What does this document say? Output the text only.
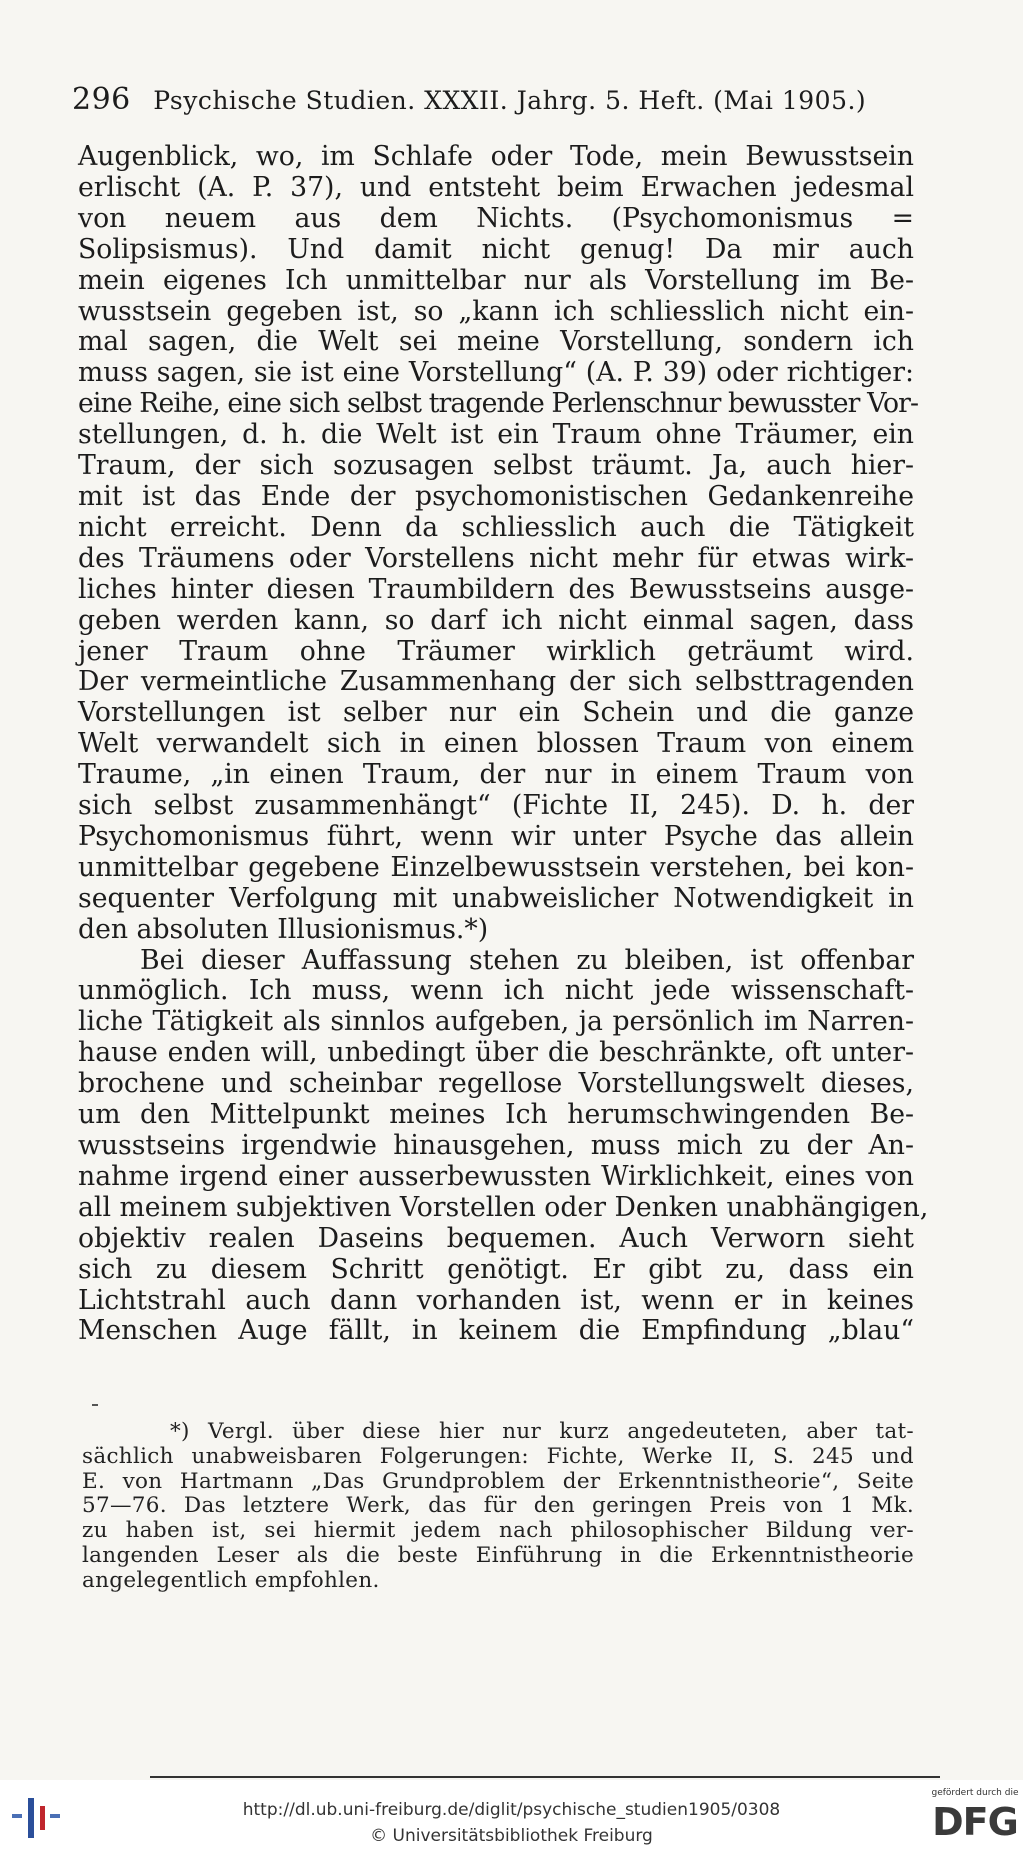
296 Psychische Studien. XXXII. Jahrg. 5. Heft. (Mai 1905.)

Augenblick, wo, im Schlafe oder Tode, mein Bewusstsein
erlischt (A. P. 37), und entsteht beim Erwachen jedesmal
von neuem aus dem Nichts. (Psychomonismus =
Solipsismus). Und damit nicht genug! Da mir auch
mein eigenes Ich unmittelbar nur als Vorstellung im Be-
wusstsein gegeben ist, so „kann ich schliesslich nicht ein-
mal sagen, die Welt sei meine Vorstellung, sondern ich
muss sagen, sie ist eine Vorstellung“ (A. P. 39) oder richtiger:
eine Reihe, eine sich selbst tragende Perlenschnur bewusster Vor-
stellungen, d. h. die Welt ist ein Traum ohne Träumer, ein
Traum, der sich sozusagen selbst träumt. Ja, auch hier-
mit ist das Ende der psychomonistischen Gedankenreihe
nicht erreicht. Denn da schliesslich auch die Tätigkeit
des Träumens oder Vorstellens nicht mehr für etwas wirk-
liches hinter diesen Traumbildern des Bewusstseins ausge-
geben werden kann, so darf ich nicht einmal sagen, dass
jener Traum ohne Träumer wirklich geträumt wird.
Der vermeintliche Zusammenhang der sich selbsttragenden
Vorstellungen ist selber nur ein Schein und die ganze
Welt verwandelt sich in einen blossen Traum von einem
Traume, „in einen Traum, der nur in einem Traum von
sich selbst zusammenhängt“ (Fichte II, 245). D. h. der
Psychomonismus führt, wenn wir unter Psyche das allein
unmittelbar gegebene Einzelbewusstsein verstehen, bei kon-
sequenter Verfolgung mit unabweislicher Notwendigkeit in
den absoluten Illusionismus.*)

Bei dieser Auffassung stehen zu bleiben, ist offenbar
unmöglich. Ich muss, wenn ich nicht jede wissenschaft-
liche Tätigkeit als sinnlos aufgeben, ja persönlich im Narren-
hause enden will, unbedingt über die beschränkte, oft unter-
brochene und scheinbar regellose Vorstellungswelt dieses,
um den Mittelpunkt meines Ich herumschwingenden Be-
wusstseins irgendwie hinausgehen, muss mich zu der An-
nahme irgend einer ausserbewussten Wirklichkeit, eines von
all meinem subjektiven Vorstellen oder Denken unabhängigen,
objektiv realen Daseins bequemen. Auch Verworn sieht
sich zu diesem Schritt genötigt. Er gibt zu, dass ein
Lichtstrahl auch dann vorhanden ist, wenn er in keines
Menschen Auge fällt, in keinem die Empfindung „blau“

*) Vergl. über diese hier nur kurz angedeuteten, aber tat-
sächlich unabweisbaren Folgerungen: Fichte, Werke II, S. 245 und
E. von Hartmann „Das Grundproblem der Erkenntnistheorie“, Seite
57—76. Das letztere Werk, das für den geringen Preis von 1 Mk.
zu haben ist, sei hiermit jedem nach philosophischer Bildung ver-
langenden Leser als die beste Einführung in die Erkenntnistheorie
angelegentlich empfohlen.
http://dl.ub.uni-freiburg.de/diglit/psychische_studien1905/0308
© Universitätsbibliothek Freiburg
gefördert durch die
DFG
